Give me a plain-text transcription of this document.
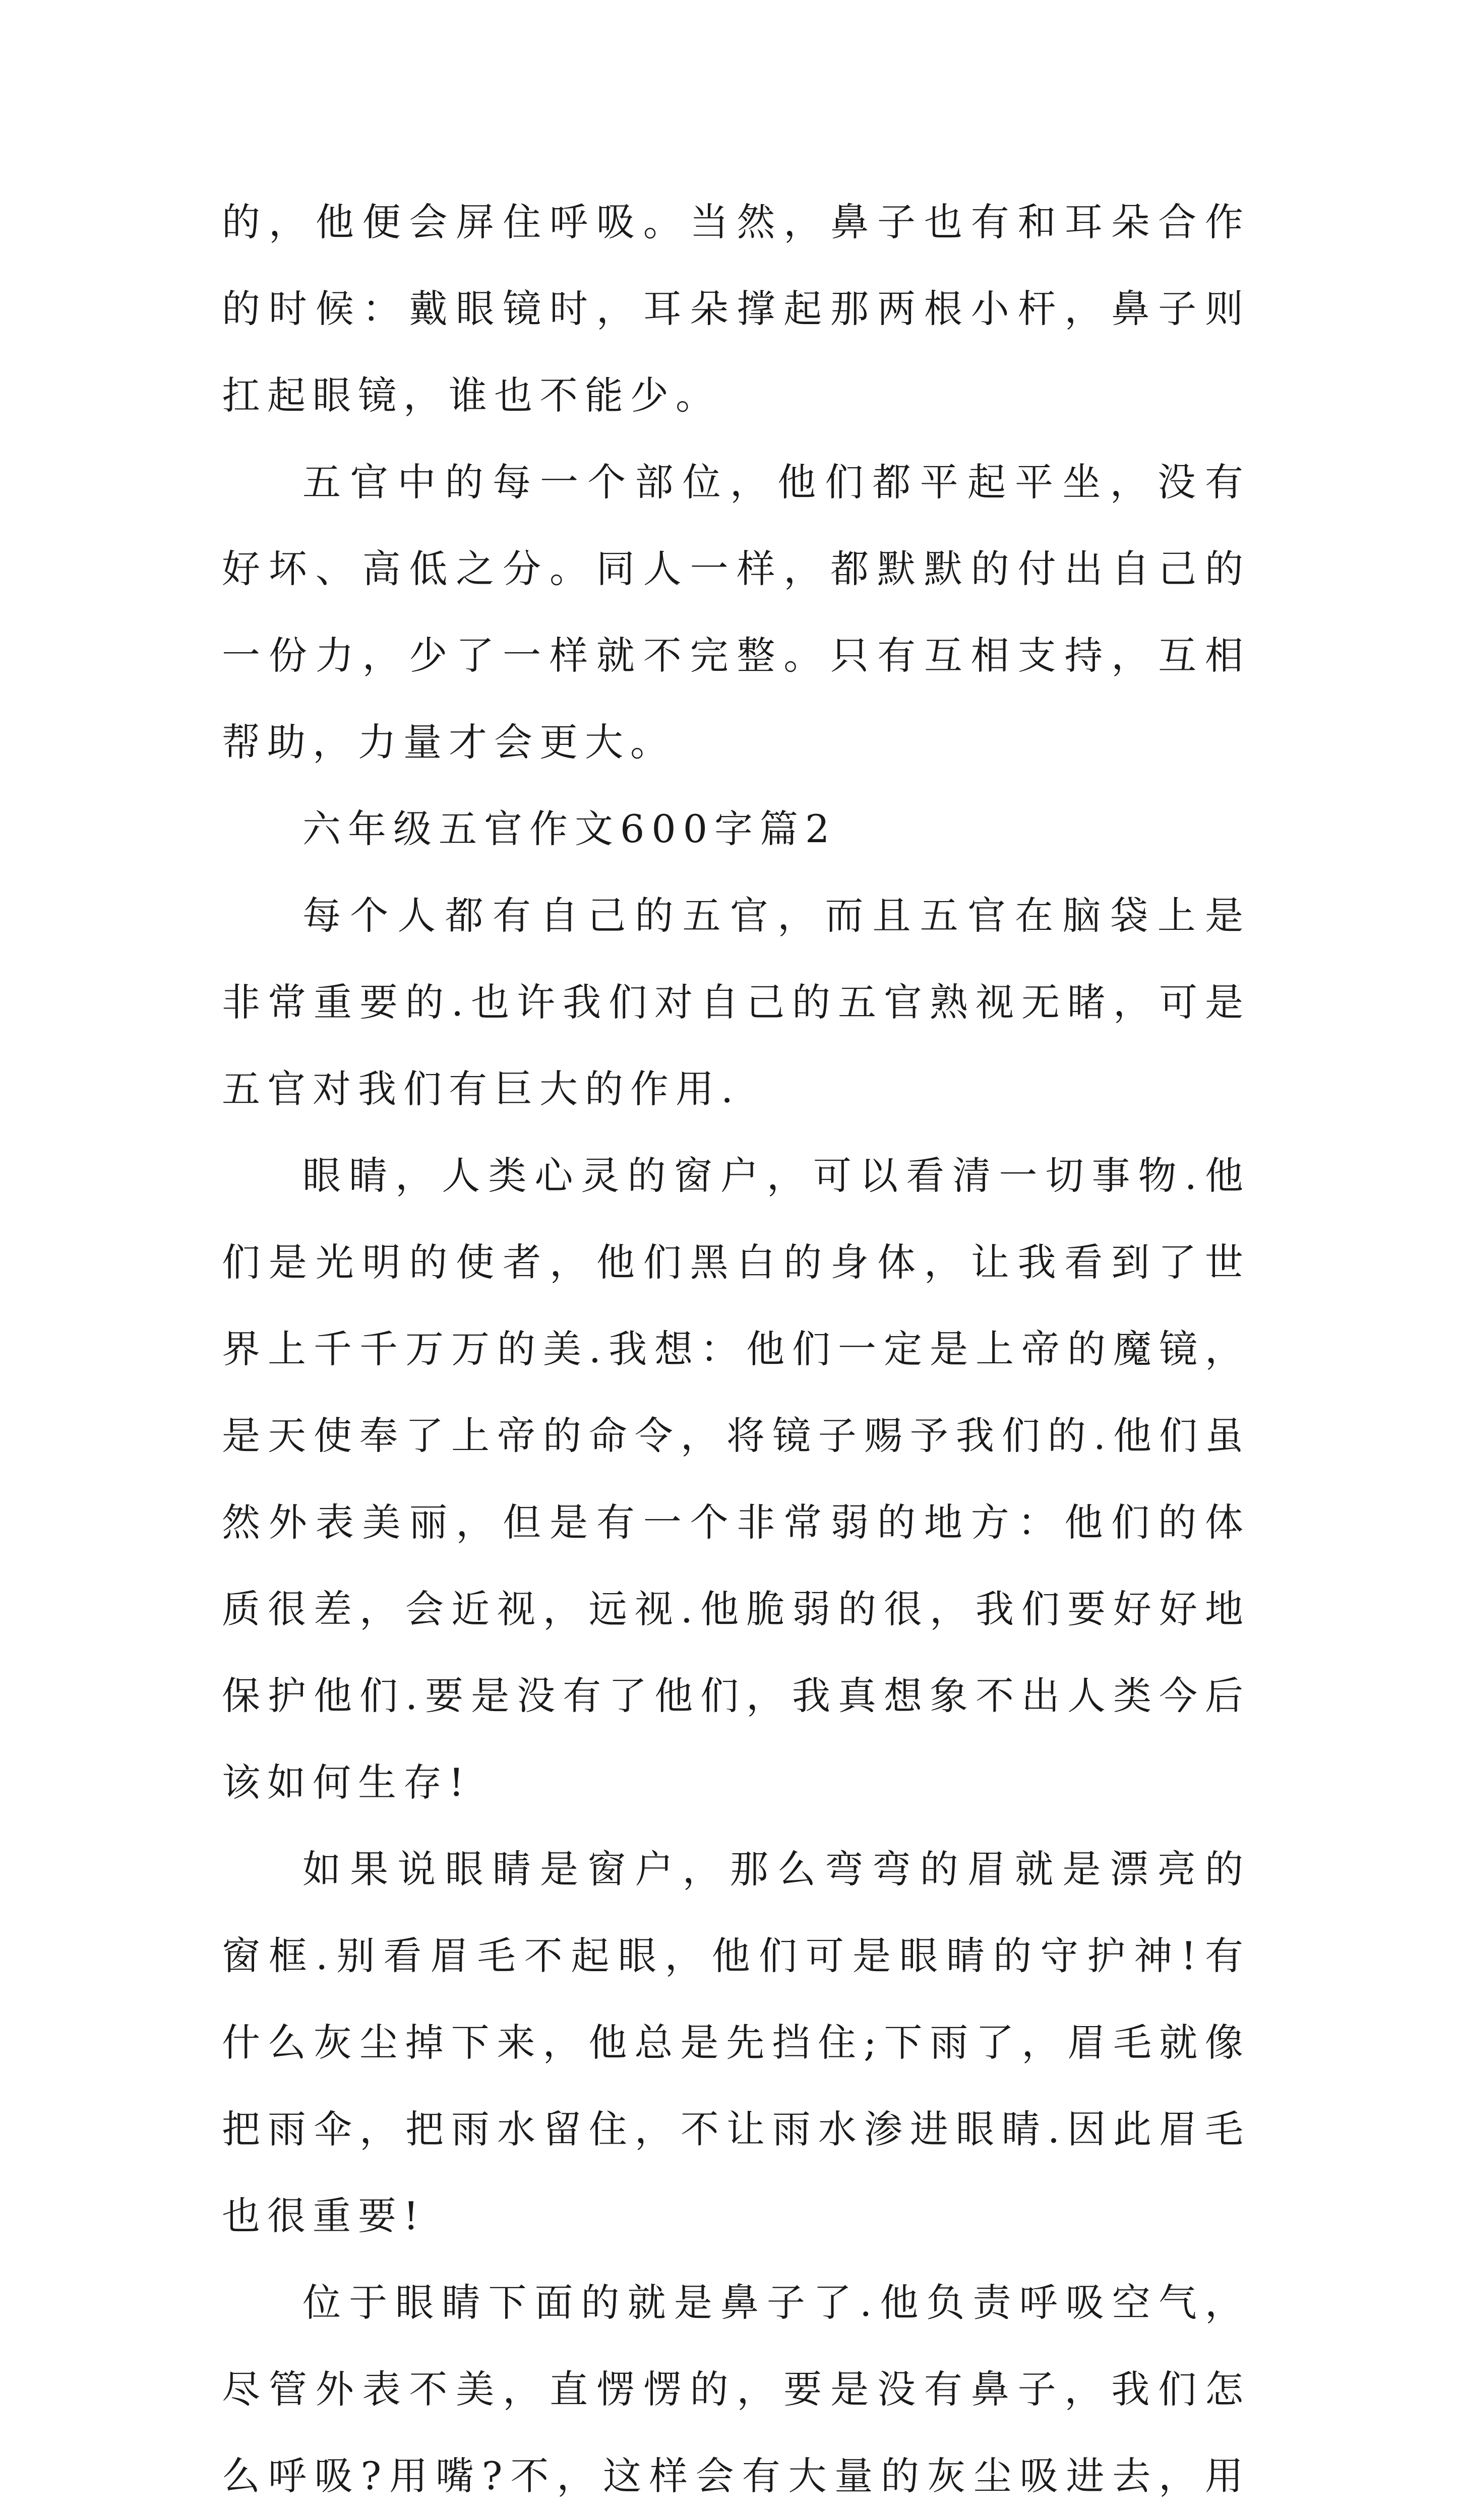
的，他便会屏住呼吸。当然，鼻子也有和耳朵合作的时候：戴眼镜时，耳朵撑起那两根小杆，鼻子则扛起眼镜，谁也不能少。

五官中的每一个部位，他们都平起平坐，没有好坏、高低之分。同人一样，都默默的付出自己的一份力，少了一样就不完整。只有互相支持，互相帮助，力量才会更大。

六年级五官作文600字篇2

每个人都有自己的五官，而且五官在脑袋上是非常重要的.也许我们对自己的五官熟视无睹，可是五官对我们有巨大的作用.

眼睛，人类心灵的窗户，可以看清一切事物.他们是光明的使者，他们黑白的身体，让我看到了世界上千千万万的美.我想：他们一定是上帝的魔镜，是天使奉了上帝的命令，将镜子赐予我们的.他们虽然外表美丽，但是有一个非常弱的地方：他们的体质很差，会近视，远视.他脆弱的很，我们要好好地保护他们.要是没有了他们，我真想象不出人类今后该如何生存!

如果说眼睛是窗户，那么弯弯的眉就是漂亮的窗框.别看眉毛不起眼，他们可是眼睛的守护神!有什么灰尘掉下来，他总是先挡住;下雨了，眉毛就像把雨伞，把雨水留住，不让雨水渗进眼睛.因此眉毛也很重要!

位于眼睛下面的就是鼻子了.他负责呼吸空气，尽管外表不美，直愣愣的，要是没有鼻子，我们怎么呼吸?用嘴?不，这样会有大量的灰尘吸进去，用
